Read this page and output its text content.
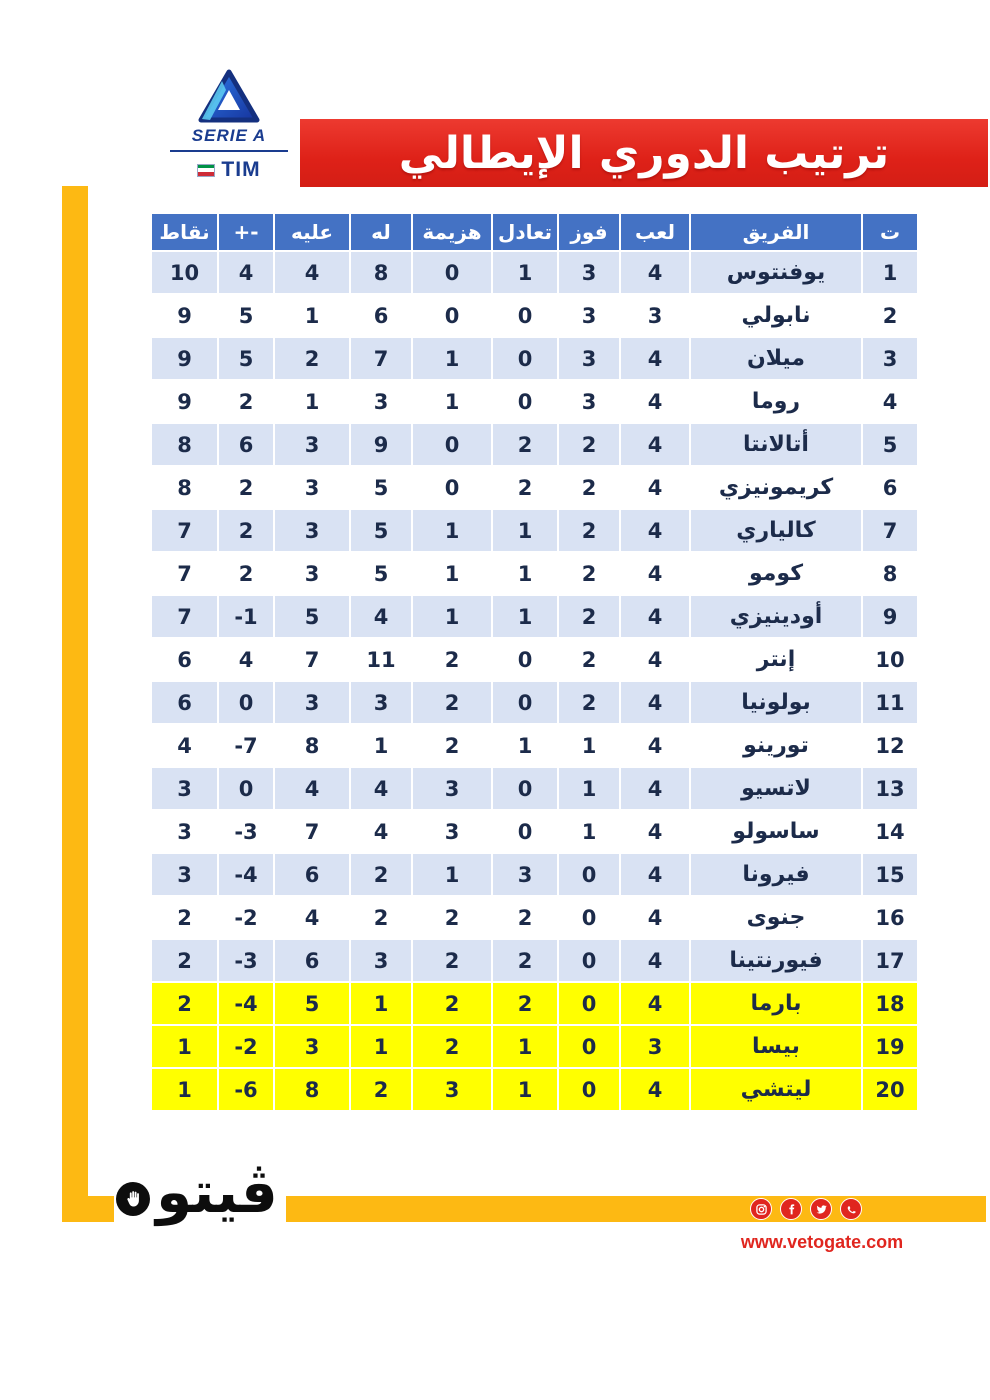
SERIE A
TIM	ترتيب الدوري الإيطالي
ت	الفريق	لعب	فوز	تعادل	هزيمة	له	عليه	+-	نقاط
1	يوفنتوس	4	3	1	0	8	4	4	10
2	نابولي	3	3	0	0	6	1	5	9
3	ميلان	4	3	0	1	7	2	5	9
4	روما	4	3	0	1	3	1	2	9
5	أتالانتا	4	2	2	0	9	3	6	8
6	كريمونيزي	4	2	2	0	5	3	2	8
7	كالياري	4	2	1	1	5	3	2	7
8	كومو	4	2	1	1	5	3	2	7
9	أودينيزي	4	2	1	1	4	5	-1	7
10	إنتر	4	2	0	2	11	7	4	6
11	بولونيا	4	2	0	2	3	3	0	6
12	تورينو	4	1	1	2	1	8	-7	4
13	لاتسيو	4	1	0	3	4	4	0	3
14	ساسولو	4	1	0	3	4	7	-3	3
15	فيرونا	4	0	3	1	2	6	-4	3
16	جنوى	4	0	2	2	2	4	-2	2
17	فيورنتينا	4	0	2	2	3	6	-3	2
18	بارما	4	0	2	2	1	5	-4	2
19	بيسا	3	0	1	2	1	3	-2	1
20	ليتشي	4	0	1	3	2	8	-6	1
ڤيتو
www.vetogate.com
